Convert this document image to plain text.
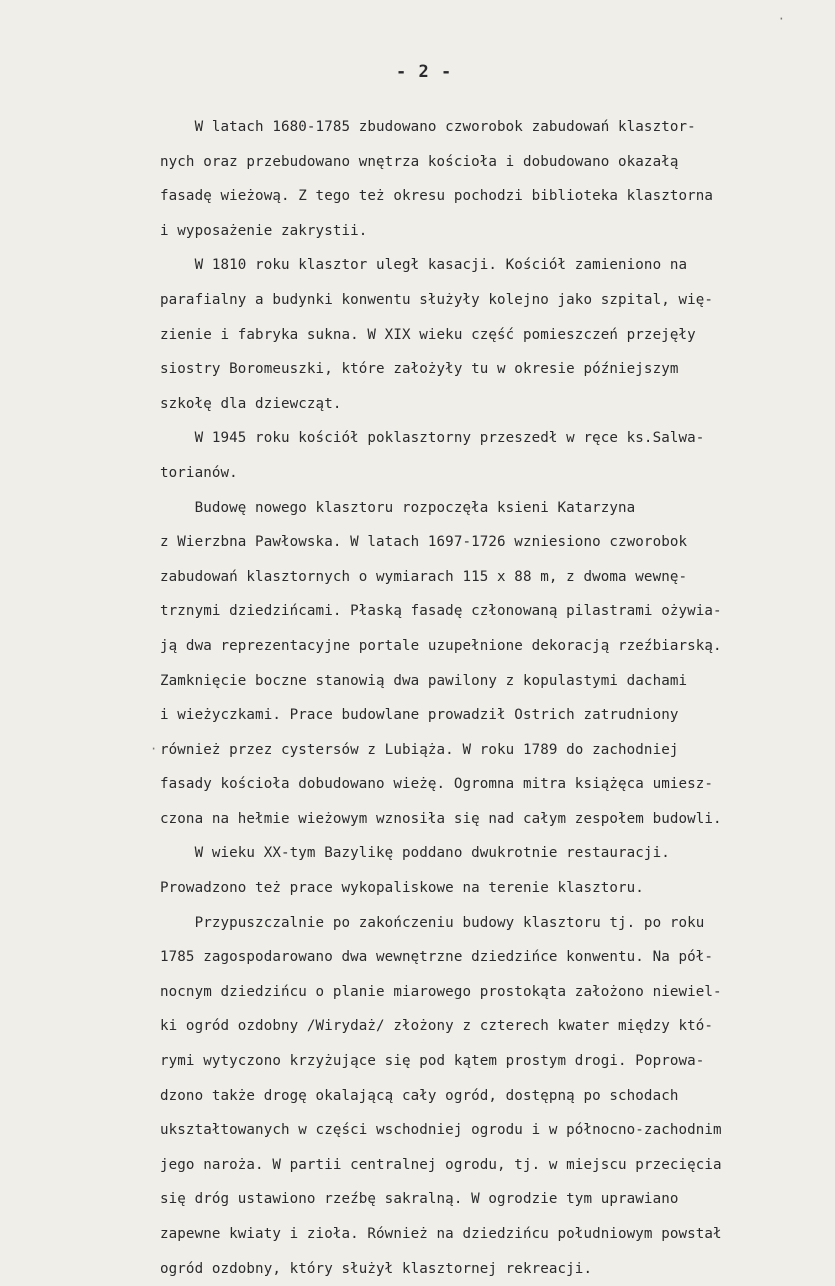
- 2 -
W latach 1680-1785 zbudowano czworobok zabudowań klasztor-
nych oraz przebudowano wnętrza kościoła i dobudowano okazałą
fasadę wieżową. Z tego też okresu pochodzi biblioteka klasztorna
i wyposażenie zakrystii.
W 1810 roku klasztor uległ kasacji. Kościół zamieniono na
parafialny a budynki konwentu służyły kolejno jako szpital, wię-
zienie i fabryka sukna. W XIX wieku część pomieszczeń przejęły
siostry Boromeuszki, które założyły tu w okresie późniejszym
szkołę dla dziewcząt.
W 1945 roku kościół poklasztorny przeszedł w ręce ks.Salwa-
torianów.
Budowę nowego klasztoru rozpoczęła ksieni Katarzyna
z Wierzbna Pawłowska. W latach 1697-1726 wzniesiono czworobok
zabudowań klasztornych o wymiarach 115 x 88 m, z dwoma wewnę-
trznymi dziedzińcami. Płaską fasadę członowaną pilastrami ożywia-
ją dwa reprezentacyjne portale uzupełnione dekoracją rzeźbiarską.
Zamknięcie boczne stanowią dwa pawilony z kopulastymi dachami
i wieżyczkami. Prace budowlane prowadził Ostrich zatrudniony
również przez cystersów z Lubiąża. W roku 1789 do zachodniej
fasady kościoła dobudowano wieżę. Ogromna mitra książęca umiesz-
czona na hełmie wieżowym wznosiła się nad całym zespołem budowli.
W wieku XX-tym Bazylikę poddano dwukrotnie restauracji.
Prowadzono też prace wykopaliskowe na terenie klasztoru.
Przypuszczalnie po zakończeniu budowy klasztoru tj. po roku
1785 zagospodarowano dwa wewnętrzne dziedzińce konwentu. Na pół-
nocnym dziedzińcu o planie miarowego prostokąta założono niewiel-
ki ogród ozdobny /Wirydaż/ złożony z czterech kwater między któ-
rymi wytyczono krzyżujące się pod kątem prostym drogi. Poprowa-
dzono także drogę okalającą cały ogród, dostępną po schodach
ukształtowanych w części wschodniej ogrodu i w północno-zachodnim
jego naroża. W partii centralnej ogrodu, tj. w miejscu przecięcia
się dróg ustawiono rzeźbę sakralną. W ogrodzie tym uprawiano
zapewne kwiaty i zioła. Również na dziedzińcu południowym powstał
ogród ozdobny, który służył klasztornej rekreacji.
·
·
